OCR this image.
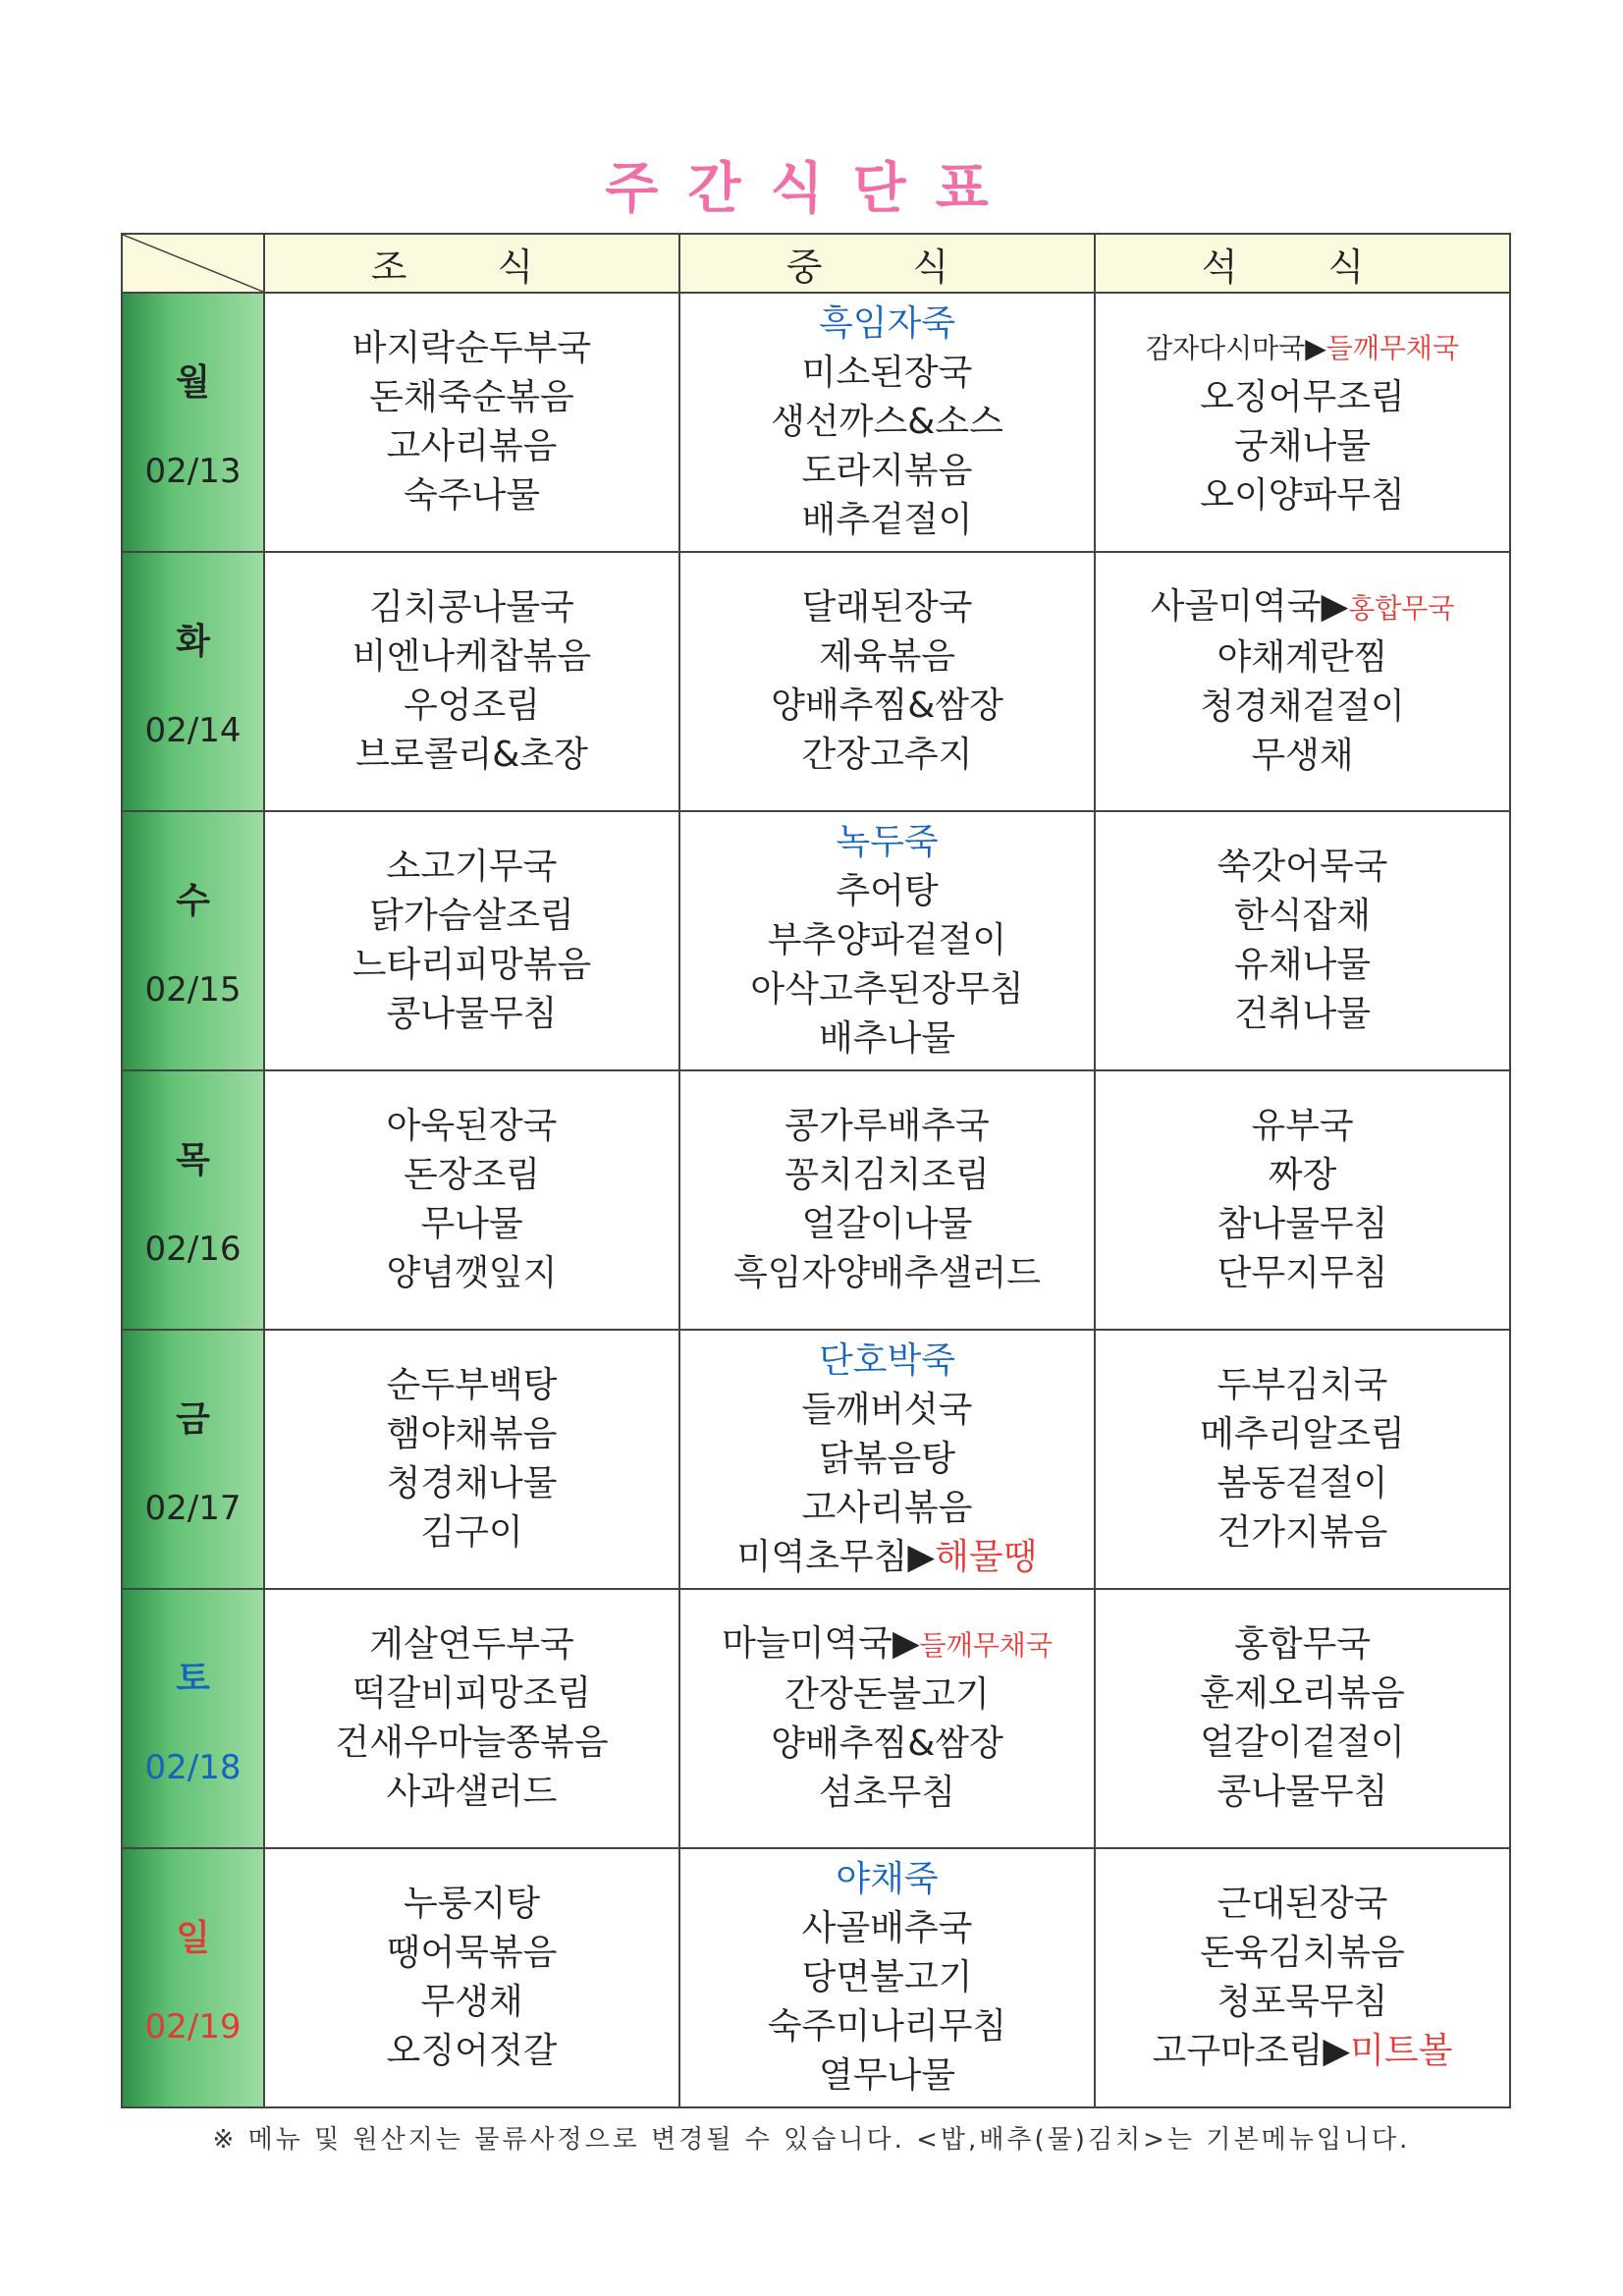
주간식단표
	조 식	중 식	석 식

월
02/13	바지락순두부국
돈채죽순볶음
고사리볶음
숙주나물	흑임자죽
미소된장국
생선까스&소스
도라지볶음
배추겉절이	감자다시마국▶들깨무채국
오징어무조림
궁채나물
오이양파무침

화
02/14	김치콩나물국
비엔나케찹볶음
우엉조림
브로콜리&초장	달래된장국
제육볶음
양배추찜&쌈장
간장고추지	사골미역국▶홍합무국
야채계란찜
청경채겉절이
무생채

수
02/15	소고기무국
닭가슴살조림
느타리피망볶음
콩나물무침	녹두죽
추어탕
부추양파겉절이
아삭고추된장무침
배추나물	쑥갓어묵국
한식잡채
유채나물
건취나물

목
02/16	아욱된장국
돈장조림
무나물
양념깻잎지	콩가루배추국
꽁치김치조림
얼갈이나물
흑임자양배추샐러드	유부국
짜장
참나물무침
단무지무침

금
02/17	순두부백탕
햄야채볶음
청경채나물
김구이	단호박죽
들깨버섯국
닭볶음탕
고사리볶음
미역초무침▶해물땡	두부김치국
메추리알조림
봄동겉절이
건가지볶음

토
02/18	게살연두부국
떡갈비피망조림
건새우마늘쫑볶음
사과샐러드	마늘미역국▶들깨무채국
간장돈불고기
양배추찜&쌈장
섬초무침	홍합무국
훈제오리볶음
얼갈이겉절이
콩나물무침

일
02/19	누룽지탕
땡어묵볶음
무생채
오징어젓갈	야채죽
사골배추국
당면불고기
숙주미나리무침
열무나물	근대된장국
돈육김치볶음
청포묵무침
고구마조림▶미트볼
※ 메뉴 및 원산지는 물류사정으로 변경될 수 있습니다. <밥,배추(물)김치>는 기본메뉴입니다.
